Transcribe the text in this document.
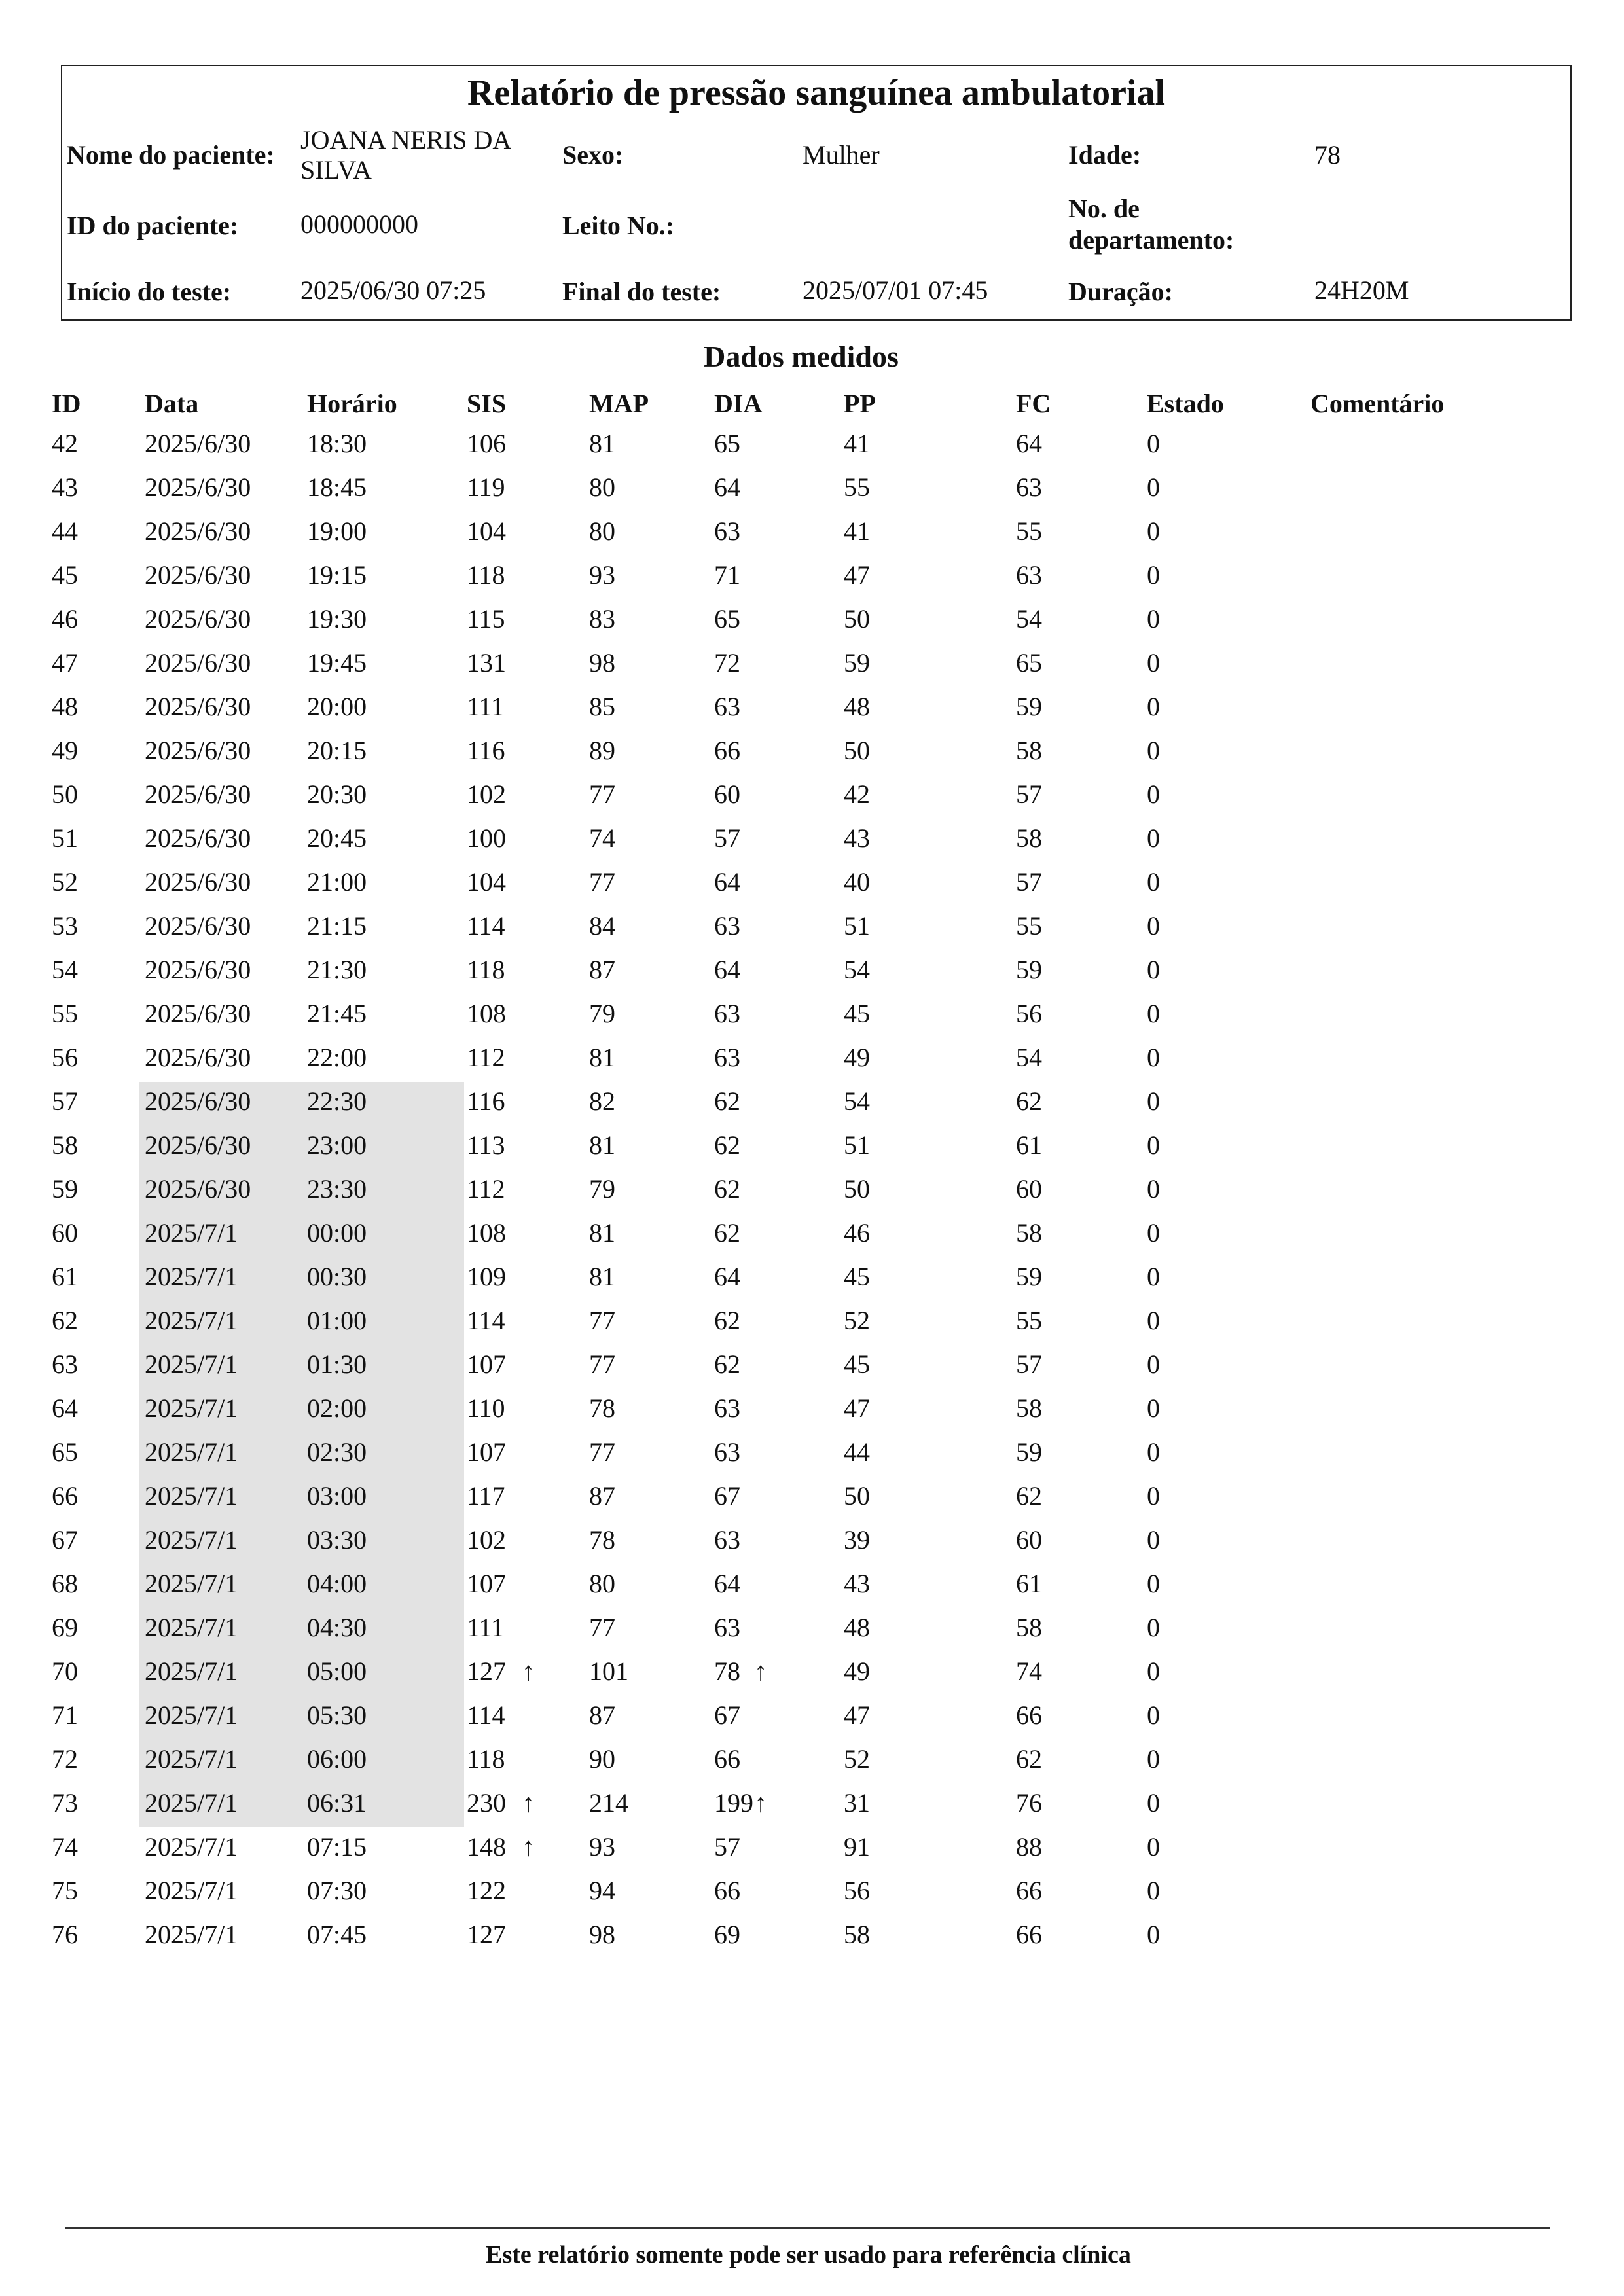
Relatório de pressão sanguínea ambulatorial
Nome do paciente:
JOANA NERIS DA
SILVA
Sexo:	Mulher	Idade:	78
ID do paciente: 000000000	Leito No.:
No. de
departamento:
Início do teste:	2025/06/30 07:25	Final do teste:	2025/07/01 07:45	Duração:	24H20M
Dados medidos
ID Data	Horário	SIS	MAP DIA	PP	FC	Estado	Comentário
42	2025/6/30 18:30	106	81	65	41	64	0
43	2025/6/30 18:45	119	80	64	55	63	0
44	2025/6/30 19:00	104	80	63	41	55	0
45	2025/6/30 19:15	118	93	71	47	63	0
46	2025/6/30 19:30	115	83	65	50	54	0
47	2025/6/30 19:45	131	98	72	59	65	0
48	2025/6/30 20:00	111	85	63	48	59	0
49	2025/6/30 20:15	116	89	66	50	58	0
50	2025/6/30 20:30	102	77	60	42	57	0
51	2025/6/30 20:45	100	74	57	43	58	0
52	2025/6/30 21:00	104	77	64	40	57	0
53	2025/6/30 21:15	114	84	63	51	55	0
54	2025/6/30 21:30	118	87	64	54	59	0
55	2025/6/30 21:45	108	79	63	45	56	0
56	2025/6/30 22:00	112	81	63	49	54	0
57	2025/6/30 22:30	116	82	62	54	62	0
58	2025/6/30 23:00	113	81	62	51	61	0
59	2025/6/30 23:30	112	79	62	50	60	0
60	2025/7/1	00:00	108	81	62	46	58	0
61	2025/7/1	00:30	109	81	64	45	59	0
62	2025/7/1	01:00	114	77	62	52	55	0
63	2025/7/1	01:30	107	77	62	45	57	0
64	2025/7/1	02:00	110	78	63	47	58	0
65	2025/7/1	02:30	107	77	63	44	59	0
66	2025/7/1	03:00	117	87	67	50	62	0
67	2025/7/1	03:30	102	78	63	39	60	0
68	2025/7/1	04:00	107	80	64	43	61	0
69	2025/7/1	04:30	111	77	63	48	58	0
70	2025/7/1	05:00	127 ↑ 101	78 ↑	49	74	0
71	2025/7/1	05:30	114	87	67	47	66	0
72	2025/7/1	06:00	118	90	66	52	62	0
73	2025/7/1	06:31	230 ↑ 214	199 ↑	31	76	0
74	2025/7/1	07:15	148 ↑ 93	57	91	88	0
75	2025/7/1	07:30	122	94	66	56	66	0
76	2025/7/1	07:45	127	98	69	58	66	0
Este relatório somente pode ser usado para referência clínica
